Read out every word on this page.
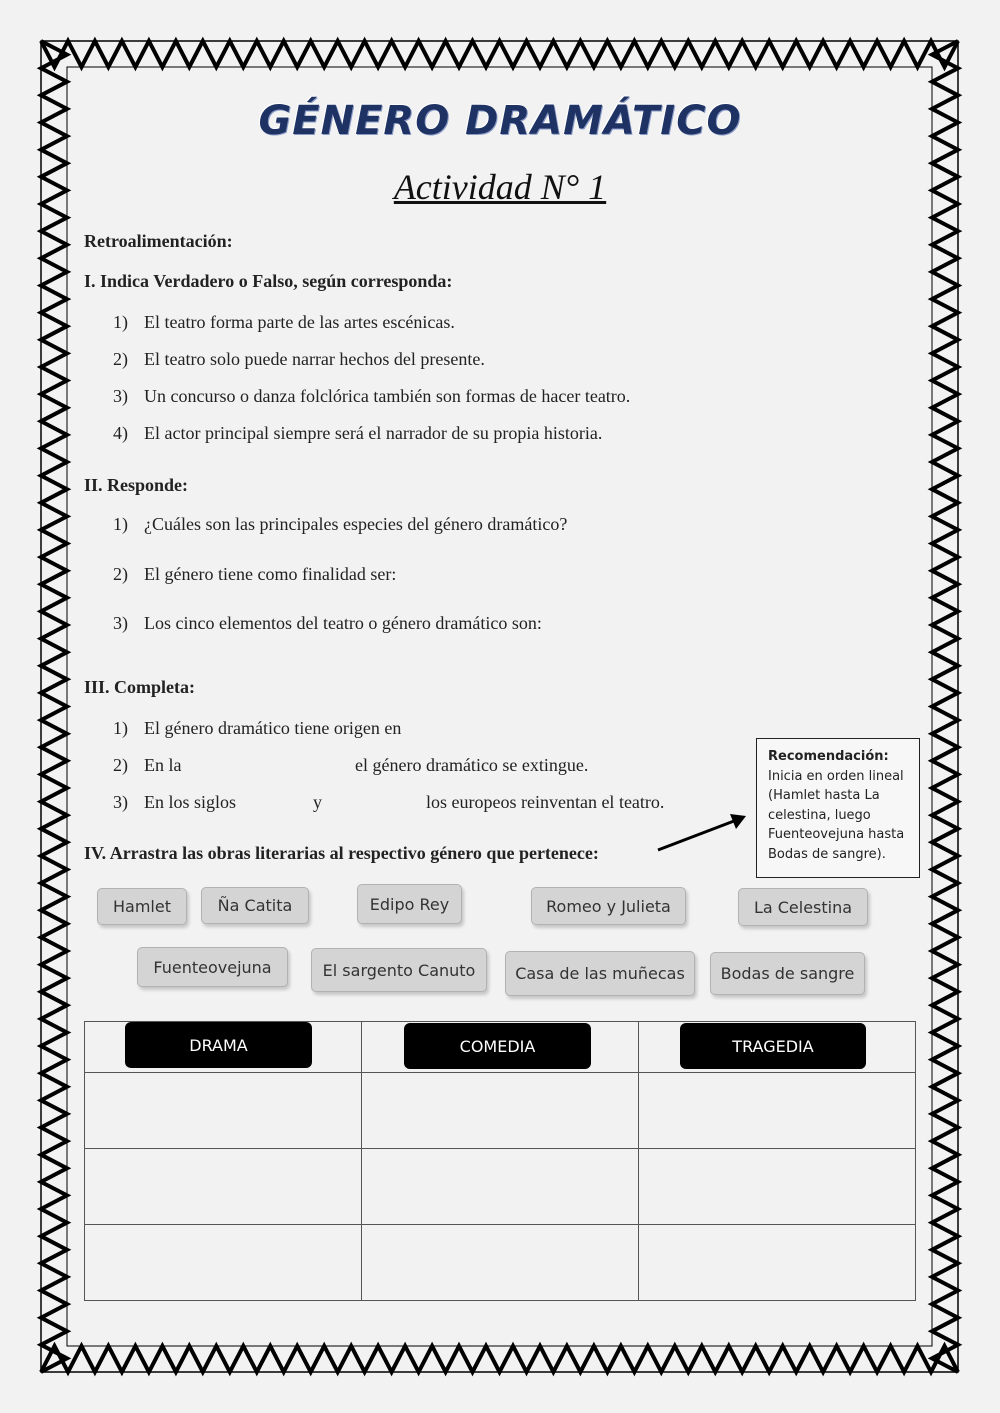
GÉNERO DRAMÁTICO
Actividad N° 1
Retroalimentación:
I. Indica Verdadero o Falso, según corresponda:
1) El teatro forma parte de las artes escénicas.
2) El teatro solo puede narrar hechos del presente.
3) Un concurso o danza folclórica también son formas de hacer teatro.
4) El actor principal siempre será el narrador de su propia historia.
II. Responde:
1) ¿Cuáles son las principales especies del género dramático?
2) El género tiene como finalidad ser:
3) Los cinco elementos del teatro o género dramático son:
III. Completa:
1) El género dramático tiene origen en
2) En la	el género dramático se extingue.
3) En los siglos	y	los europeos reinventan el teatro.
IV. Arrastra las obras literarias al respectivo género que pertenece:
Recomendación:
Inicia en orden lineal
(Hamlet hasta La
celestina, luego
Fuenteovejuna hasta
Bodas de sangre).
Hamlet	Ña Catita	Edipo Rey	Romeo y Julieta	La Celestina
Fuenteovejuna	El sargento Canuto	Casa de las muñecas	Bodas de sangre

DRAMA	COMEDIA	TRAGEDIA
